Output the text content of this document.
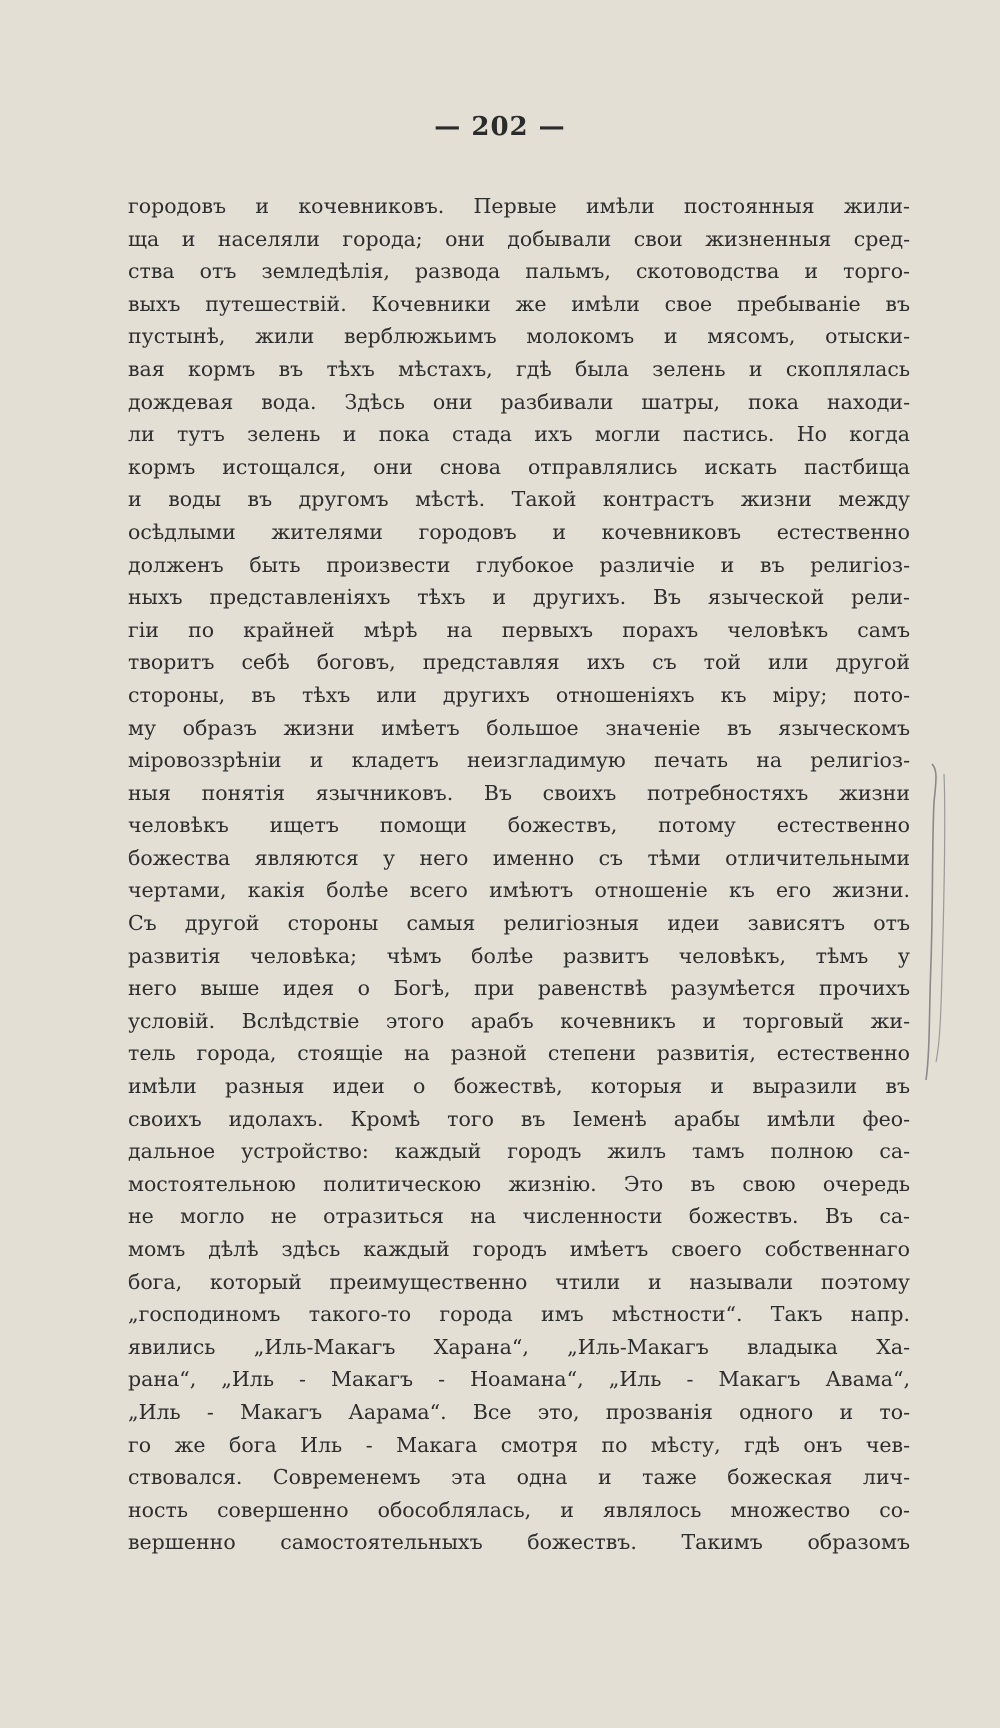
— 202 —
городовъ и кочевниковъ. Первые имѣли постоянныя жили-
ща и населяли города; они добывали свои жизненныя сред-
ства отъ земледѣлія, развода пальмъ, скотоводства и торго-
выхъ путешествій. Кочевники же имѣли свое пребываніе въ
пустынѣ, жили верблюжьимъ молокомъ и мясомъ, отыски-
вая кормъ въ тѣхъ мѣстахъ, гдѣ была зелень и скоплялась
дождевая вода. Здѣсь они разбивали шатры, пока находи-
ли тутъ зелень и пока стада ихъ могли пастись. Но когда
кормъ истощался, они снова отправлялись искать пастбища
и воды въ другомъ мѣстѣ. Такой контрастъ жизни между
осѣдлыми жителями городовъ и кочевниковъ естественно
долженъ быть произвести глубокое различіе и въ религіоз-
ныхъ представленіяхъ тѣхъ и другихъ. Въ языческой рели-
гіи по крайней мѣрѣ на первыхъ порахъ человѣкъ самъ
творитъ себѣ боговъ, представляя ихъ съ той или другой
стороны, въ тѣхъ или другихъ отношеніяхъ къ міру; пото-
му образъ жизни имѣетъ большое значеніе въ языческомъ
міровоззрѣніи и кладетъ неизгладимую печать на религіоз-
ныя понятія язычниковъ. Въ своихъ потребностяхъ жизни
человѣкъ ищетъ помощи божествъ, потому естественно
божества являются у него именно съ тѣми отличительными
чертами, какія болѣе всего имѣютъ отношеніе къ его жизни.
Съ другой стороны самыя религіозныя идеи зависятъ отъ
развитія человѣка; чѣмъ болѣе развитъ человѣкъ, тѣмъ у
него выше идея о Богѣ, при равенствѣ разумѣется прочихъ
условій. Вслѣдствіе этого арабъ кочевникъ и торговый жи-
тель города, стоящіе на разной степени развитія, естественно
имѣли разныя идеи о божествѣ, которыя и выразили въ
своихъ идолахъ. Кромѣ того въ Іеменѣ арабы имѣли фео-
дальное устройство: каждый городъ жилъ тамъ полною са-
мостоятельною политическою жизнію. Это въ свою очередь
не могло не отразиться на численности божествъ. Въ са-
момъ дѣлѣ здѣсь каждый городъ имѣетъ своего собственнаго
бога, который преимущественно чтили и называли поэтому
„господиномъ такого-то города имъ мѣстности“. Такъ напр.
явились „Иль-Макагъ Харана“, „Иль-Макагъ владыка Ха-
рана“, „Иль - Макагъ - Ноамана“, „Иль - Макагъ Авама“,
„Иль - Макагъ Аарама“. Все это, прозванія одного и то-
го же бога Иль - Макага смотря по мѣсту, гдѣ онъ чев-
ствовался. Современемъ эта одна и таже божеская лич-
ность совершенно обособлялась, и являлось множество со-
вершенно самостоятельныхъ божествъ. Такимъ образомъ
